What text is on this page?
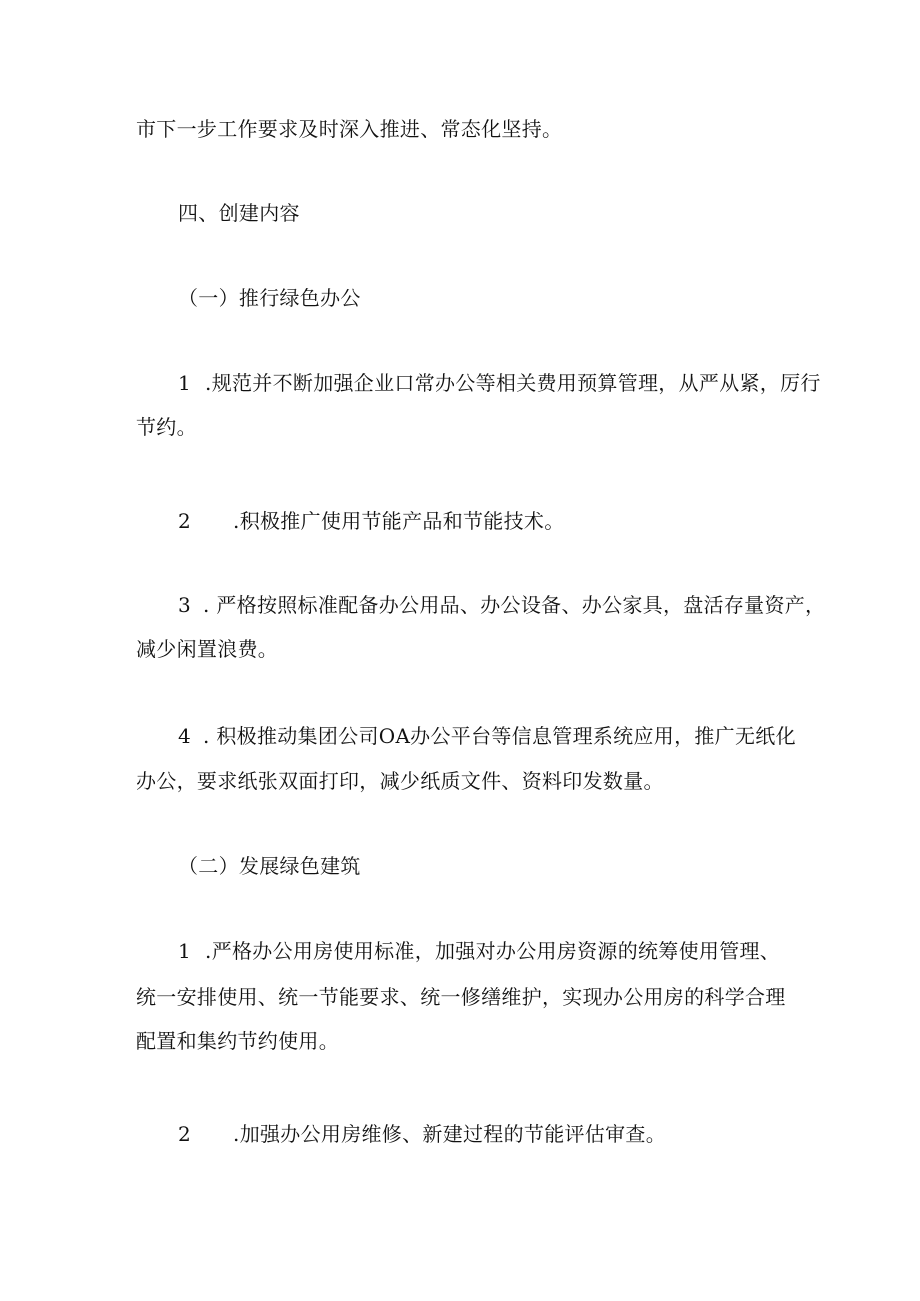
市下一步工作要求及时深入推进、常态化坚持。
四、创建内容
（一）推行绿色办公
1 .规范并不断加强企业口常办公等相关费用预算管理，从严从紧，厉行
节约。
2 .积极推广使用节能产品和节能技术。
3 . 严格按照标准配备办公用品、办公设备、办公家具，盘活存量资产，
减少闲置浪费。
4 . 积极推动集团公司OA办公平台等信息管理系统应用，推广无纸化
办公，要求纸张双面打印，减少纸质文件、资料印发数量。
（二）发展绿色建筑
1 .严格办公用房使用标准，加强对办公用房资源的统筹使用管理、
统一安排使用、统一节能要求、统一修缮维护，实现办公用房的科学合理
配置和集约节约使用。
2 .加强办公用房维修、新建过程的节能评估审查。
